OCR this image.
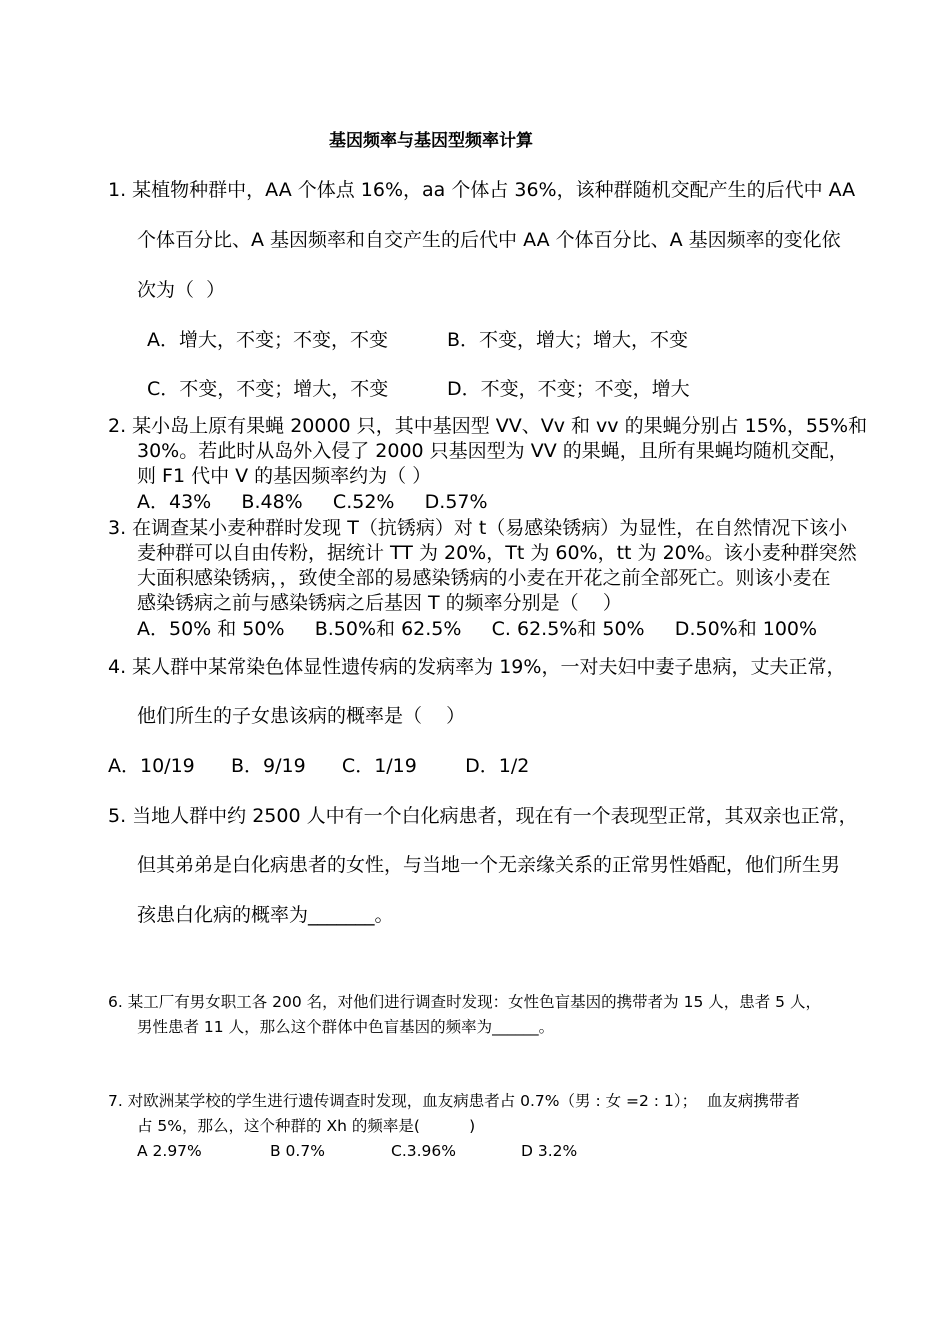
基因频率与基因型频率计算
1. 某植物种群中，AA 个体点 16%，aa 个体占 36%，该种群随机交配产生的后代中 AA
个体百分比、A 基因频率和自交产生的后代中 AA 个体百分比、A 基因频率的变化依
次为（  ）
A．增大，不变；不变，不变	B．不变，增大；增大，不变
C．不变，不变；增大，不变	D．不变，不变；不变，增大
2. 某小岛上原有果蝇 20000 只，其中基因型 VV、Vv 和 vv 的果蝇分别占 15%，55%和
30%。若此时从岛外入侵了 2000 只基因型为 VV 的果蝇，且所有果蝇均随机交配，
则 F1 代中 V 的基因频率约为（ ）
A．43%     B.48%     C.52%     D.57%
3. 在调查某小麦种群时发现 T（抗锈病）对 t（易感染锈病）为显性，在自然情况下该小
麦种群可以自由传粉，据统计 TT 为 20%，Tt 为 60%，tt 为 20%。该小麦种群突然
大面积感染锈病，，致使全部的易感染锈病的小麦在开花之前全部死亡。则该小麦在
感染锈病之前与感染锈病之后基因 T 的频率分别是（    ）
A．50% 和 50%     B.50%和 62.5%     C. 62.5%和 50%     D.50%和 100%
4. 某人群中某常染色体显性遗传病的发病率为 19%，一对夫妇中妻子患病，丈夫正常，
他们所生的子女患该病的概率是（    ）
A．10/19      B．9/19      C．1/19        D．1/2
5. 当地人群中约 2500 人中有一个白化病患者，现在有一个表现型正常，其双亲也正常，
但其弟弟是白化病患者的女性，与当地一个无亲缘关系的正常男性婚配，他们所生男
孩患白化病的概率为_______。
6. 某工厂有男女职工各 200 名，对他们进行调查时发现：女性色盲基因的携带者为 15 人，患者 5 人，
男性患者 11 人，那么这个群体中色盲基因的频率为______。
7. 对欧洲某学校的学生进行遗传调查时发现，血友病患者占 0.7%（男 : 女 =2 : 1）；  血友病携带者
占 5%，那么，这个种群的 Xh 的频率是(          )
A 2.97%	B 0.7%	C.3.96%	D 3.2%
